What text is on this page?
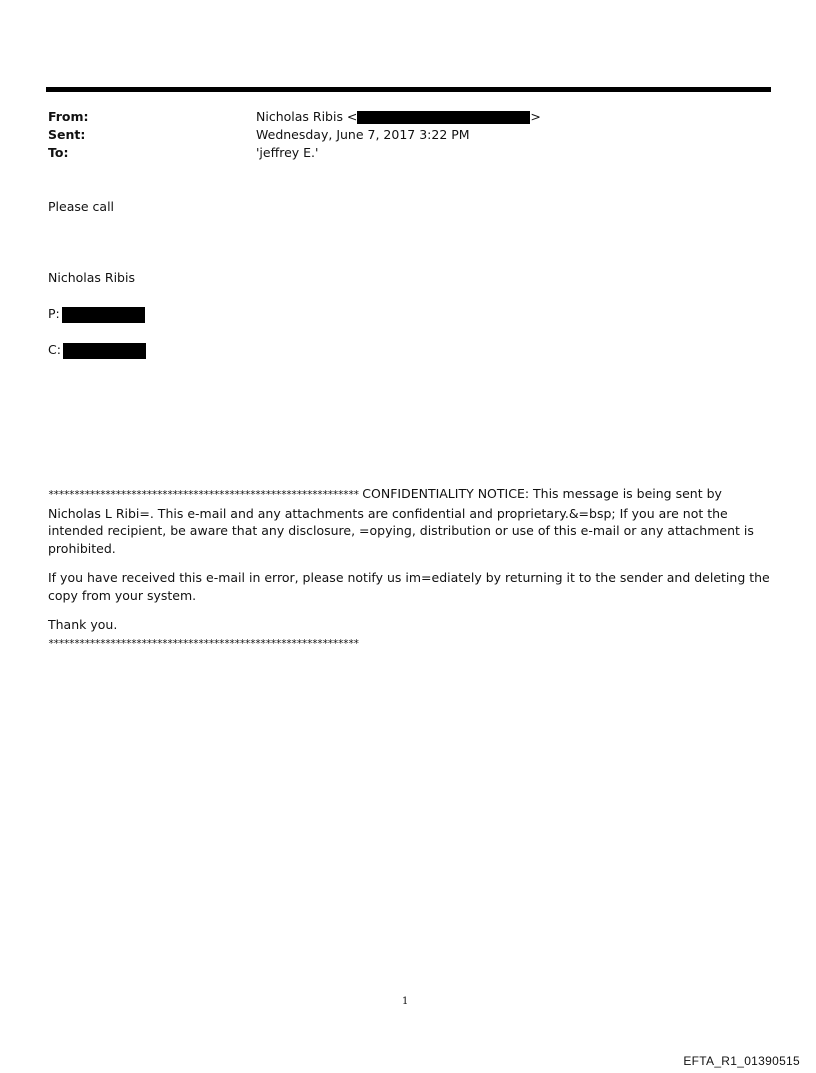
From:	Nicholas Ribis <	>
Sent:	Wednesday, June 7, 2017 3:22 PM
To:	'jeffrey E.'
Please call
Nicholas Ribis
P:
C:

************************************************************ CONFIDENTIALITY NOTICE: This message is being sent by Nicholas L Ribi=. This e-mail and any attachments are confidential and proprietary.&=bsp; If you are not the intended recipient, be aware that any disclosure, =opying, distribution or use of this e-mail or any attachment is prohibited.

If you have received this e-mail in error, please notify us im=ediately by returning it to the sender and deleting the copy from your system.

Thank you.
************************************************************

1
EFTA_R1_01390515
